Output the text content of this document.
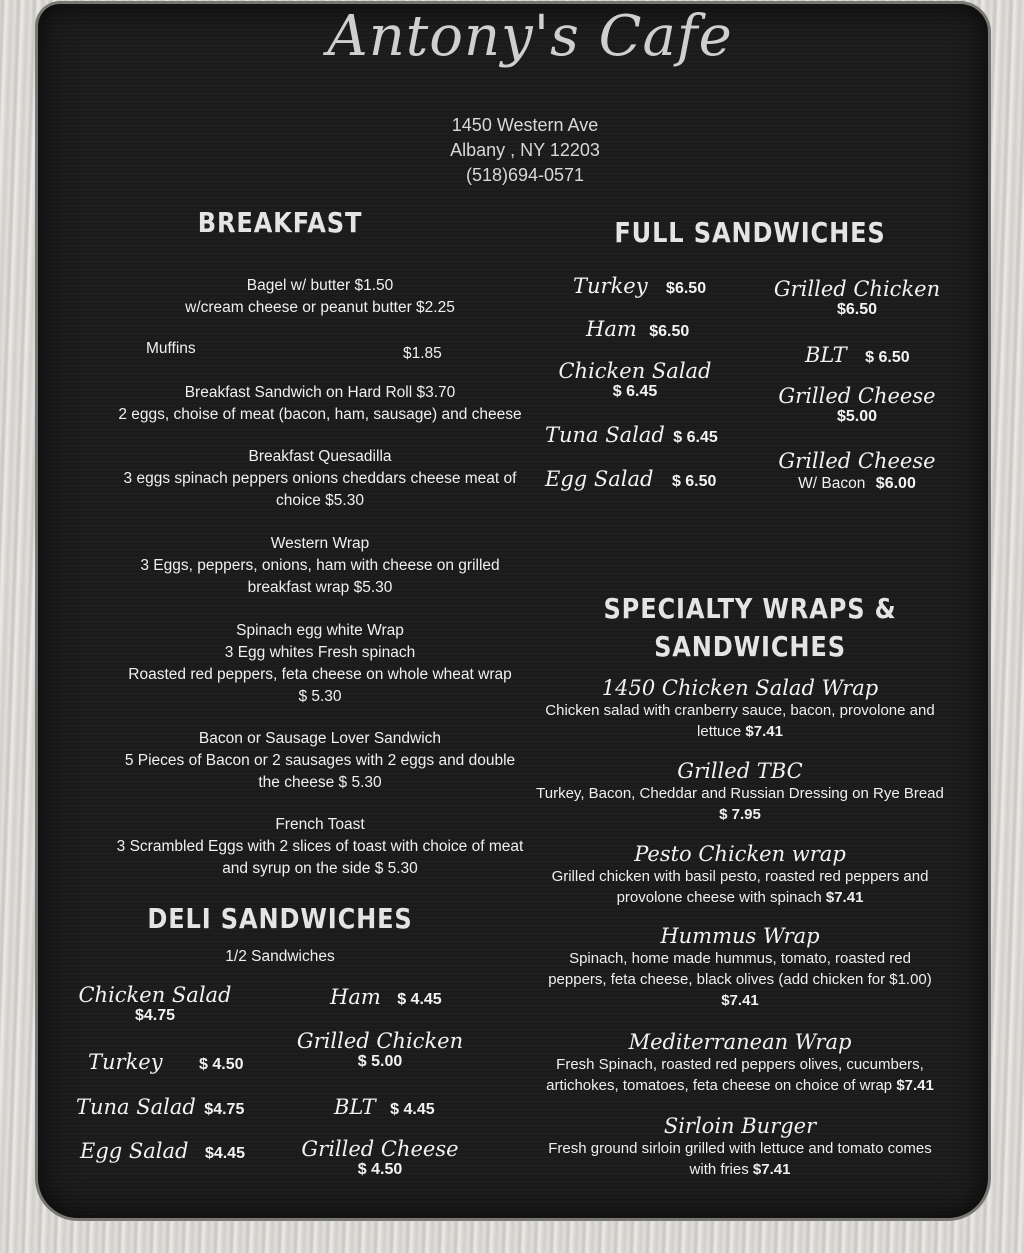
Antony's Cafe
1450 Western Ave
Albany , NY 12203
(518)694-0571
BREAKFAST
Bagel w/ butter $1.50
w/cream cheese or peanut butter $2.25
Muffins	$1.85
Breakfast Sandwich on Hard Roll $3.70
2 eggs, choise of meat (bacon, ham, sausage) and cheese
Breakfast Quesadilla
3 eggs spinach peppers onions cheddars cheese meat of
choice $5.30
Western Wrap
3 Eggs, peppers, onions, ham with cheese on grilled
breakfast wrap $5.30
Spinach egg white Wrap
3 Egg whites Fresh spinach
Roasted red peppers, feta cheese on whole wheat wrap
$ 5.30
Bacon or Sausage Lover Sandwich
5 Pieces of Bacon or 2 sausages with 2 eggs and double
the cheese $ 5.30
French Toast
3 Scrambled Eggs with 2 slices of toast with choice of meat
and syrup on the side $ 5.30
DELI SANDWICHES
1/2 Sandwiches
Chicken Salad
$4.75
Ham $ 4.45
Grilled Chicken
$ 5.00
Turkey $ 4.50
Tuna Salad $4.75	BLT $ 4.45
Egg Salad $4.45	Grilled Cheese
$ 4.50
FULL SANDWICHES
Turkey $6.50
Ham $6.50
Chicken Salad
$ 6.45
Tuna Salad $ 6.45
Egg Salad $ 6.50
Grilled Chicken
$6.50
BLT $ 6.50
Grilled Cheese
$5.00
Grilled Cheese
W/ Bacon $6.00
SPECIALTY WRAPS &
SANDWICHES
1450 Chicken Salad Wrap
Chicken salad with cranberry sauce, bacon, provolone and
lettuce $7.41
Grilled TBC
Turkey, Bacon, Cheddar and Russian Dressing on Rye Bread
$ 7.95
Pesto Chicken wrap
Grilled chicken with basil pesto, roasted red peppers and
provolone cheese with spinach $7.41
Hummus Wrap
Spinach, home made hummus, tomato, roasted red
peppers, feta cheese, black olives (add chicken for $1.00)
$7.41
Mediterranean Wrap
Fresh Spinach, roasted red peppers olives, cucumbers,
artichokes, tomatoes, feta cheese on choice of wrap $7.41
Sirloin Burger
Fresh ground sirloin grilled with lettuce and tomato comes
with fries $7.41
